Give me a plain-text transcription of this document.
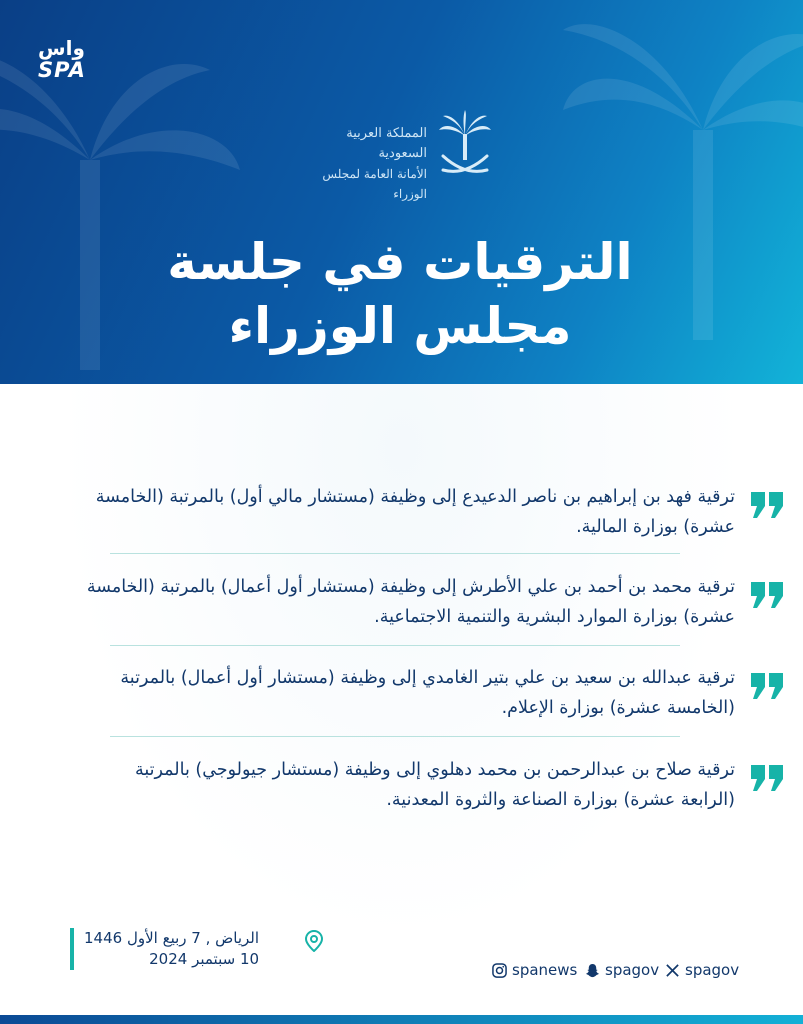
واس
SPA
المملكة العربية السعودية
الأمانة العامة لمجلس الوزراء
الترقيات في جلسة
مجلس الوزراء
ترقية فهد بن إبراهيم بن ناصر الدعيدع إلى وظيفة (مستشار مالي أول) بالمرتبة (الخامسة عشرة) بوزارة المالية.
ترقية محمد بن أحمد بن علي الأطرش إلى وظيفة (مستشار أول أعمال) بالمرتبة (الخامسة عشرة) بوزارة الموارد البشرية والتنمية الاجتماعية.
ترقية عبدالله بن سعيد بن علي بتير الغامدي إلى وظيفة (مستشار أول أعمال) بالمرتبة (الخامسة عشرة) بوزارة الإعلام.
ترقية صلاح بن عبدالرحمن بن محمد دهلوي إلى وظيفة (مستشار جيولوجي) بالمرتبة (الرابعة عشرة) بوزارة الصناعة والثروة المعدنية.
الرياض , 7 ربيع الأول 1446
10 سبتمبر 2024
spanews spagov spagov
